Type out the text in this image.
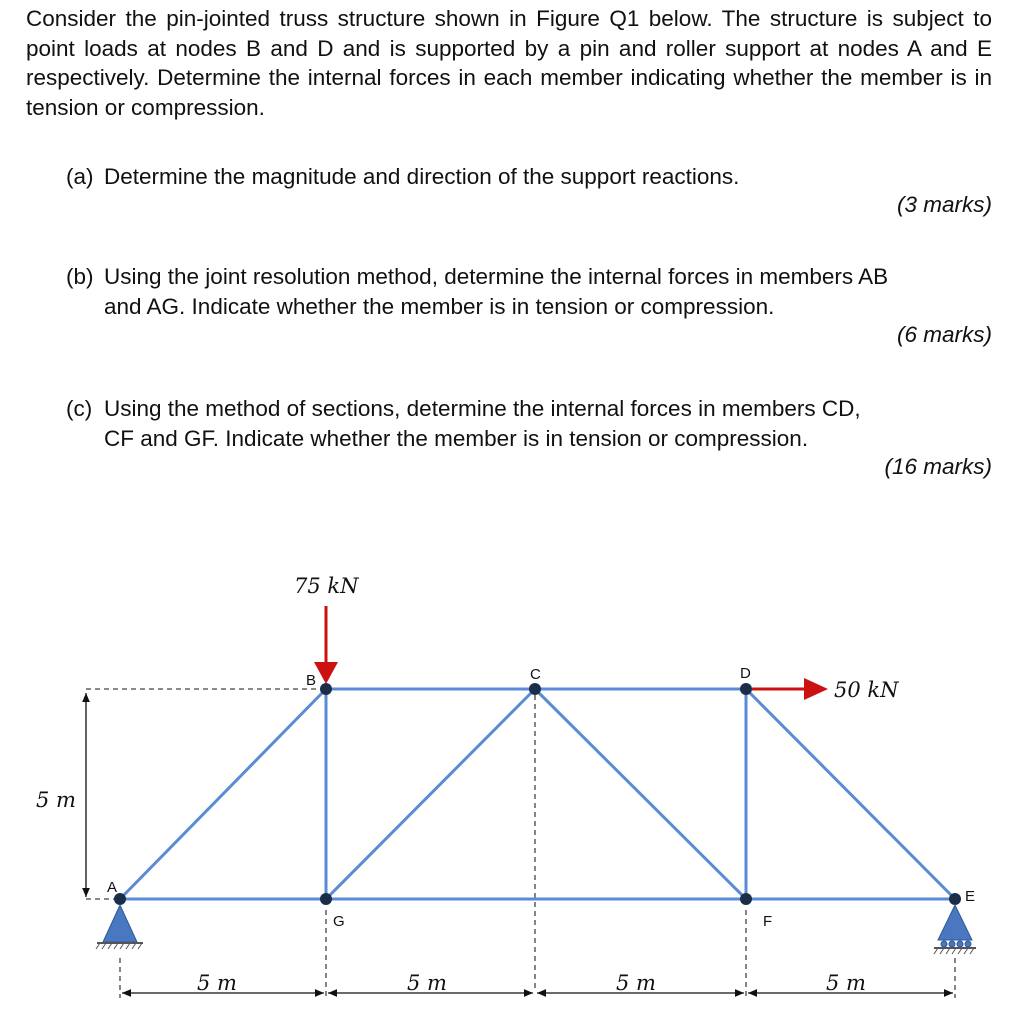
Consider the pin-jointed truss structure shown in Figure Q1 below. The structure is subject to point loads at nodes B and D and is supported by a pin and roller support at nodes A and E respectively. Determine the internal forces in each member indicating whether the member is in tension or compression.

(a) Determine the magnitude and direction of the support reactions.

(3 marks)

(b) Using the joint resolution method, determine the internal forces in members AB
and AG. Indicate whether the member is in tension or compression.

(6 marks)

(c) Using the method of sections, determine the internal forces in members CD,
CF and GF. Indicate whether the member is in tension or compression.

(16 marks)

5 m
A
B	C	D
E
F
G
75 kN
50 kN
5 m	5 m	5 m	5 m
